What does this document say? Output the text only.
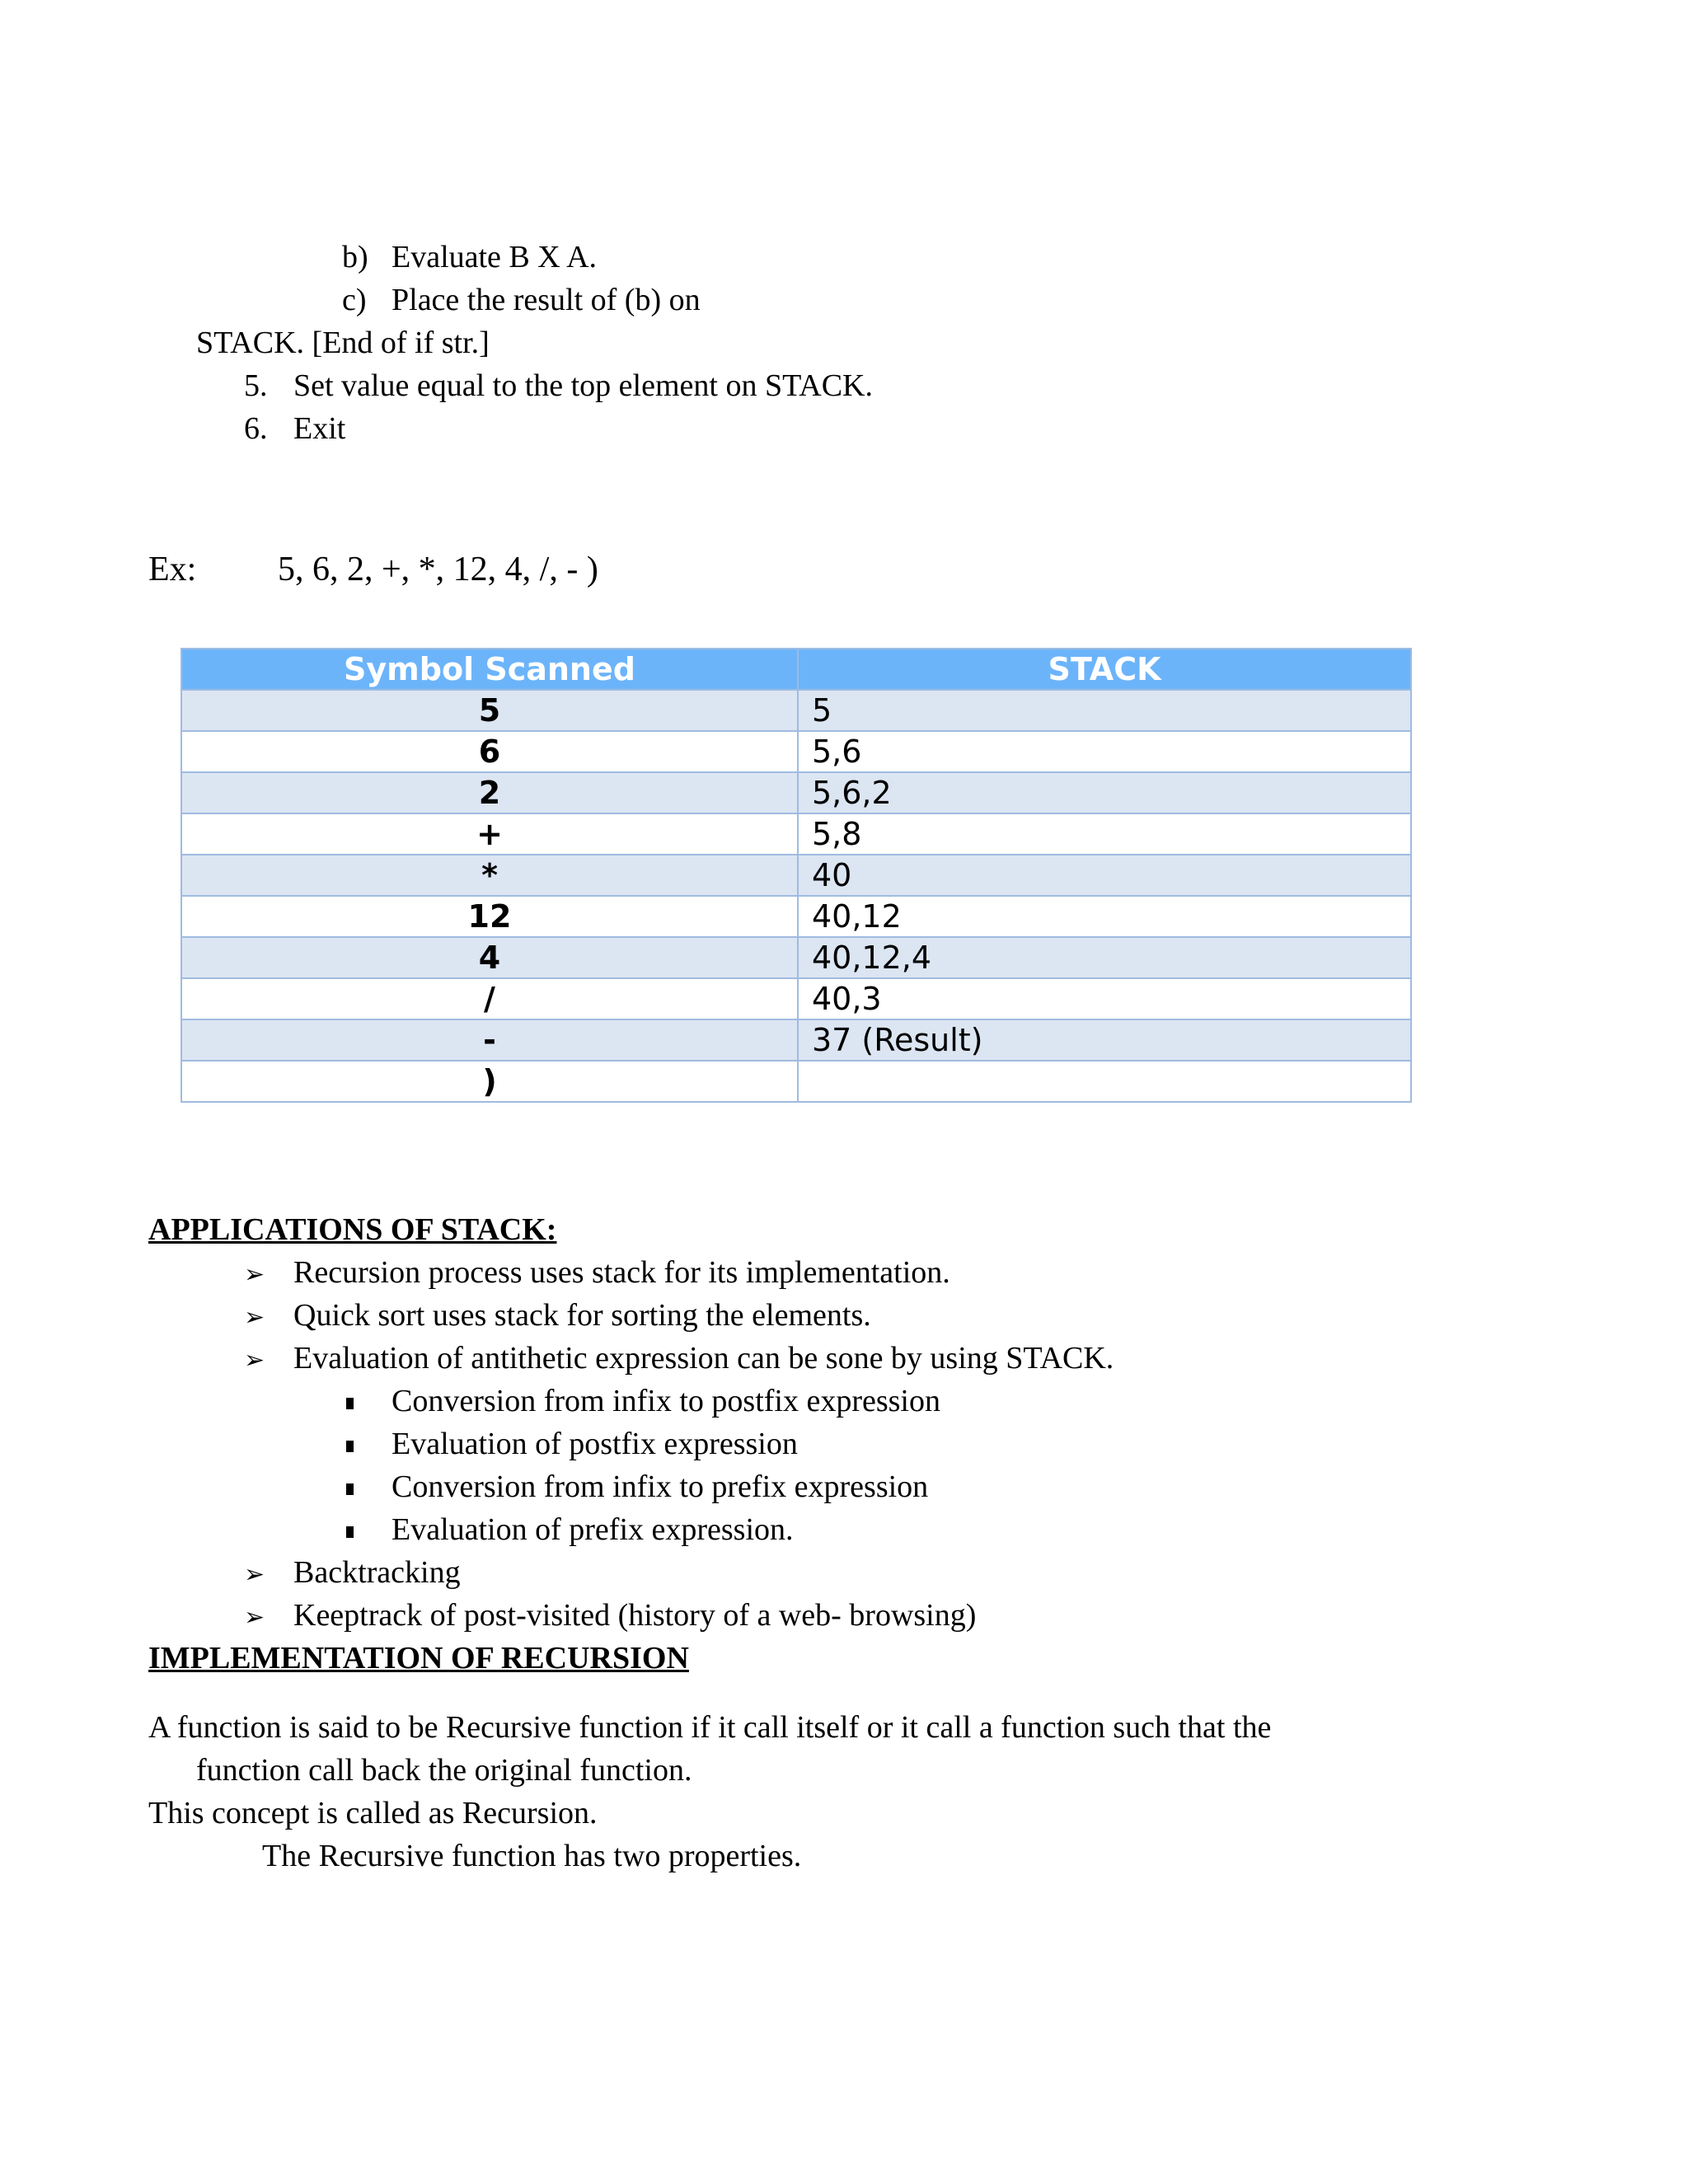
b) Evaluate B X A.
c) Place the result of (b) on
STACK. [End of if str.]
5. Set value equal to the top element on STACK.
6. Exit
Ex: 5, 6, 2, +, *, 12, 4, /, - )
Symbol Scanned	STACK
5	5
6	5,6
2	5,6,2
+	5,8
*	40
12	40,12
4	40,12,4
/	40,3
-	37 (Result)
)	
APPLICATIONS OF STACK:
➢ Recursion process uses stack for its implementation.
➢ Quick sort uses stack for sorting the elements.
➢ Evaluation of antithetic expression can be sone by using STACK.
Conversion from infix to postfix expression
Evaluation of postfix expression
Conversion from infix to prefix expression
Evaluation of prefix expression.
➢ Backtracking
➢ Keeptrack of post-visited (history of a web- browsing)
IMPLEMENTATION OF RECURSION
A function is said to be Recursive function if it call itself or it call a function such that the
function call back the original function.
This concept is called as Recursion.
The Recursive function has two properties.
